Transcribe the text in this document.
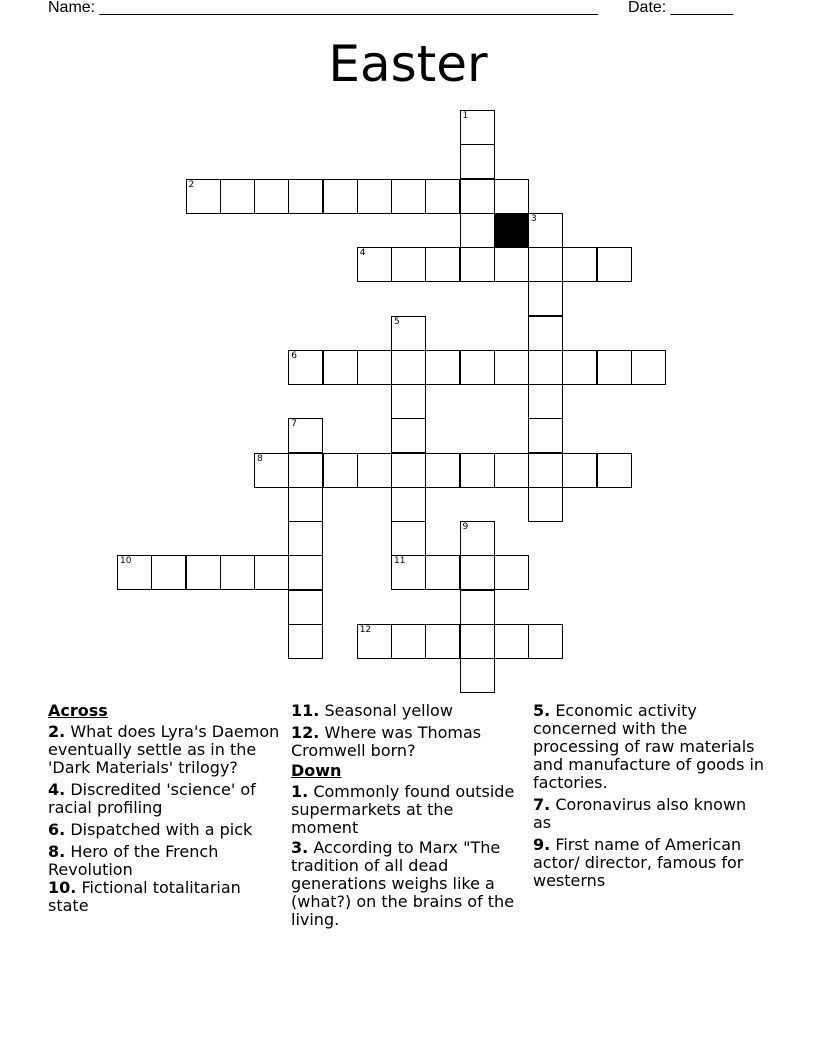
Name: ________________________________________________________ Date: _______
Easter
1
2
3
4
5
11
6
7
8
9
10
12
Across
2. What does Lyra's Daemon eventually settle as in the 'Dark Materials' trilogy?
4. Discredited 'science' of racial profiling
6. Dispatched with a pick
8. Hero of the French Revolution
10. Fictional totalitarian state
11. Seasonal yellow
12. Where was Thomas Cromwell born?
Down
1. Commonly found outside supermarkets at the moment
3. According to Marx "The tradition of all dead generations weighs like a (what?) on the brains of the living.
5. Economic activity concerned with the processing of raw materials and manufacture of goods in factories.
7. Coronavirus also known as
9. First name of American actor/ director, famous for westerns
